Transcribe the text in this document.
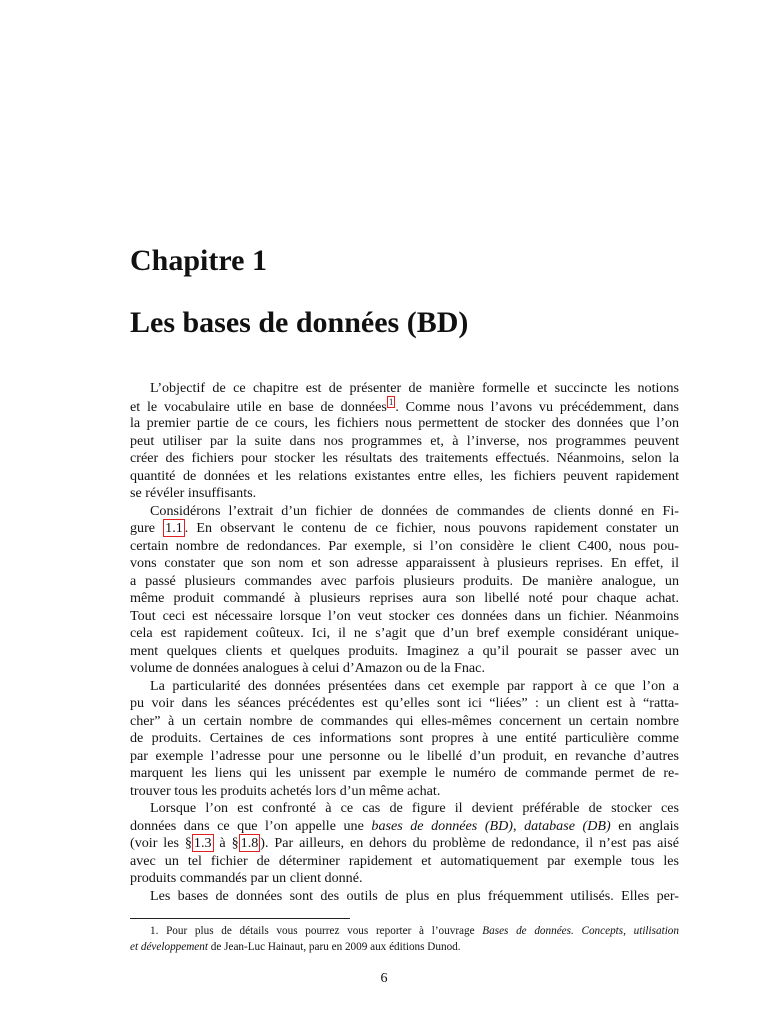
Chapitre 1
Les bases de données (BD)

L’objectif de ce chapitre est de présenter de manière formelle et succincte les notions
et le vocabulaire utile en base de données $^1$ . Comme nous l’avons vu précédemment, dans
la premier partie de ce cours, les fichiers nous permettent de stocker des données que l’on
peut utiliser par la suite dans nos programmes et, à l’inverse, nos programmes peuvent
créer des fichiers pour stocker les résultats des traitements effectués. Néanmoins, selon la
quantité de données et les relations existantes entre elles, les fichiers peuvent rapidement
se révéler insuffisants.

Considérons l’extrait d’un fichier de données de commandes de clients donné en Fi-
gure 1.1 . En observant le contenu de ce fichier, nous pouvons rapidement constater un
certain nombre de redondances. Par exemple, si l’on considère le client C400, nous pou-
vons constater que son nom et son adresse apparaissent à plusieurs reprises. En effet, il
a passé plusieurs commandes avec parfois plusieurs produits. De manière analogue, un
même produit commandé à plusieurs reprises aura son libellé noté pour chaque achat.
Tout ceci est nécessaire lorsque l’on veut stocker ces données dans un fichier. Néanmoins
cela est rapidement coûteux. Ici, il ne s’agit que d’un bref exemple considérant unique-
ment quelques clients et quelques produits. Imaginez a qu’il pourait se passer avec un
volume de données analogues à celui d’Amazon ou de la Fnac.

La particularité des données présentées dans cet exemple par rapport à ce que l’on a
pu voir dans les séances précédentes est qu’elles sont ici “liées” : un client est à “ratta-
cher” à un certain nombre de commandes qui elles-mêmes concernent un certain nombre
de produits. Certaines de ces informations sont propres à une entité particulière comme
par exemple l’adresse pour une personne ou le libellé d’un produit, en revanche d’autres
marquent les liens qui les unissent par exemple le numéro de commande permet de re-
trouver tous les produits achetés lors d’un même achat.

Lorsque l’on est confronté à ce cas de figure il devient préférable de stocker ces
données dans ce que l’on appelle une bases de données (BD), database (DB) en anglais
(voir les § 1.3 à § 1.8 ). Par ailleurs, en dehors du problème de redondance, il n’est pas aisé
avec un tel fichier de déterminer rapidement et automatiquement par exemple tous les
produits commandés par un client donné.

Les bases de données sont des outils de plus en plus fréquemment utilisés. Elles per-

1. Pour plus de détails vous pourrez vous reporter à l’ouvrage Bases de données. Concepts, utilisation
et développement de Jean-Luc Hainaut, paru en 2009 aux éditions Dunod.
6
